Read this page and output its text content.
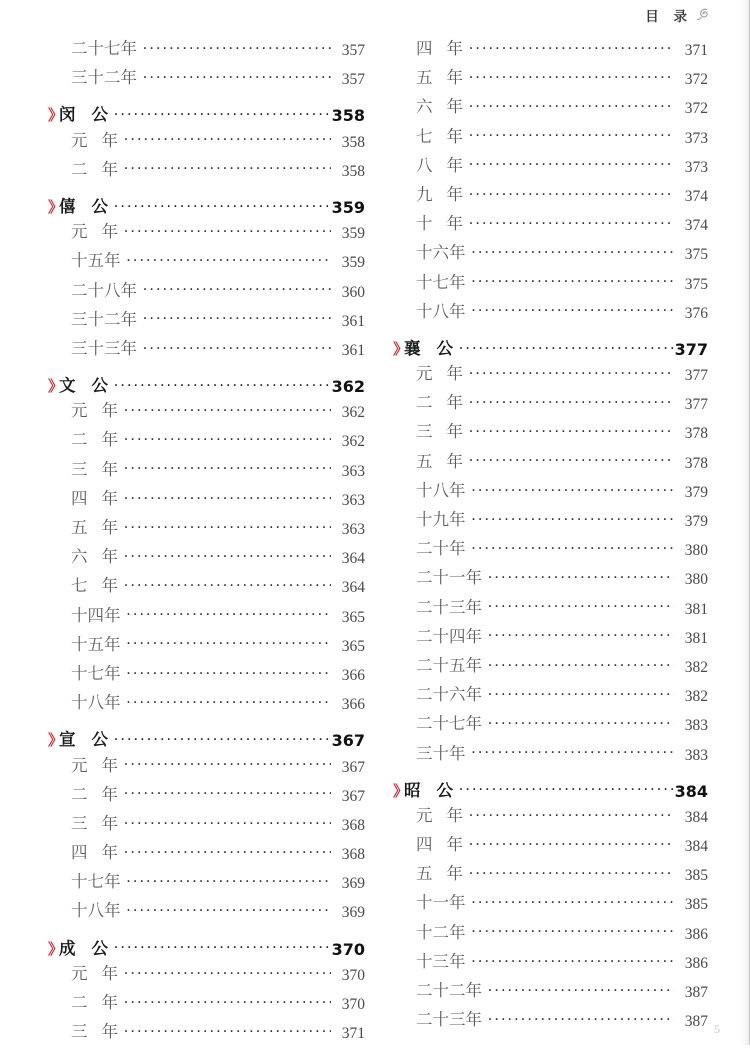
目 录
二十七年 .....	357
三十二年 .....	357
》
闵 公 .....	358
元 年 .....	358
二 年 .....	358
》
僖 公 .....	359
元 年 .....	359
十五年 .....	359
二十八年 .....	360
三十二年 .....	361
三十三年 .....	361
》
文 公 .....	362
元 年 .....	362
二 年 .....	362
三 年 .....	363
四 年 .....	363
五 年 .....	363
六 年 .....	364
七 年 .....	364
十四年 .....	365
十五年 .....	365
十七年 .....	366
十八年 .....	366
》
宣 公 .....	367
元 年 .....	367
二 年 .....	367
三 年 .....	368
四 年 .....	368
十七年 .....	369
十八年 .....	369
》
成 公 .....	370
元 年 .....	370
二 年 .....	370
三 年 .....	371
四 年 .....	371
五 年 .....	372
六 年 .....	372
七 年 .....	373
八 年 .....	373
九 年 .....	374
十 年 .....	374
十六年 .....	375
十七年 .....	375
十八年 .....	376
》
襄 公 .....	377
元 年 .....	377
二 年 .....	377
三 年 .....	378
五 年 .....	378
十八年 .....	379
十九年 .....	379
二十年 .....	380
二十一年 .....	380
二十三年 .....	381
二十四年 .....	381
二十五年 .....	382
二十六年 .....	382
二十七年 .....	383
三十年 .....	383
》
昭 公 .....	384
元 年 .....	384
四 年 .....	384
五 年 .....	385
十一年 .....	385
十二年 .....	386
十三年 .....	386
二十二年 .....	387
二十三年 .....	387 5
